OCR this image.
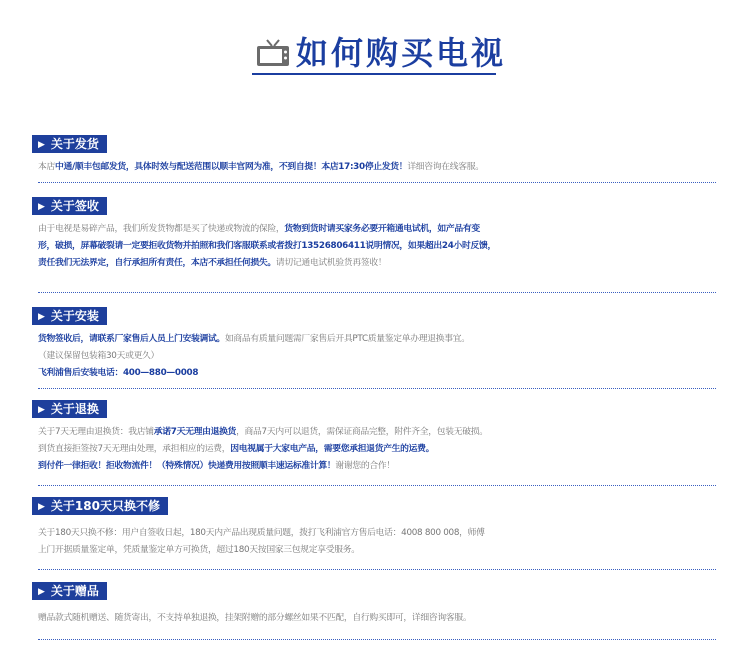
如何购买电视
▶ 关于发货

本店中通/顺丰包邮发货，具体时效与配送范围以顺丰官网为准，不到自提！本店17:30停止发货！详细咨询在线客服。

▶ 关于签收

由于电视是易碎产品，我们所发货物都是买了快递或物流的保险，货物到货时请买家务必要开箱通电试机，如产品有变

形，破损，屏幕破裂请一定要拒收货物并拍照和我们客服联系或者拨打13526806411说明情况，如果超出24小时反馈，

责任我们无法界定，自行承担所有责任，本店不承担任何损失。请切记通电试机验货再签收！

▶ 关于安装

货物签收后，请联系厂家售后人员上门安装调试。如商品有质量问题需厂家售后开具PTC质量鉴定单办理退换事宜。

（建议保留包装箱30天或更久）

飞利浦售后安装电话：400—880—0008

▶ 关于退换

关于7天无理由退换货：我店铺承诺7天无理由退换货，商品7天内可以退货，需保证商品完整，附件齐全，包装无破损。

到货直接拒签按7天无理由处理，承担相应的运费，因电视属于大家电产品，需要您承担退货产生的运费。

到付件一律拒收！拒收物流件！（特殊情况）快递费用按照顺丰速运标准计算！谢谢您的合作！

▶ 关于180天只换不修

关于180天只换不修：用户自签收日起，180天内产品出现质量问题，拨打飞利浦官方售后电话：4008 800 008，师傅

上门开据质量鉴定单，凭质量鉴定单方可换货，超过180天按国家三包规定享受服务。

▶ 关于赠品

赠品款式随机赠送、随货寄出，不支持单独退换，挂架附赠的部分螺丝如果不匹配，自行购买即可，详细咨询客服。
